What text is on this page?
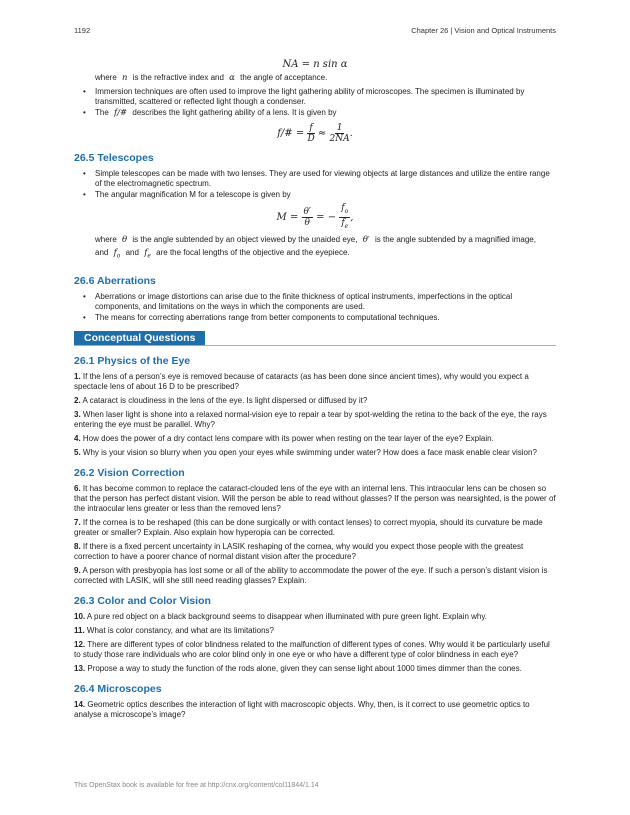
1192	Chapter 26 | Vision and Optical Instruments
NA = n sin α
where n is the refractive index and α the angle of acceptance.
• Immersion techniques are often used to improve the light gathering ability of microscopes. The specimen is illuminated by transmitted, scattered or reflected light though a condenser.
• The f/# describes the light gathering ability of a lens. It is given by
f/# = $\frac{f}{D} \approx \frac{1}{2NA}$ .
26.5 Telescopes
• Simple telescopes can be made with two lenses. They are used for viewing objects at large distances and utilize the entire range of the electromagnetic spectrum.
• The angular magnification M for a telescope is given by
$M = \frac{\theta'}{\theta}$ = − $\frac{f_o}{f_e}$ ,
where θ is the angle subtended by an object viewed by the unaided eye, θ′ is the angle subtended by a magnified image,
and $f_o$ and $f_e$ are the focal lengths of the objective and the eyepiece.
26.6 Aberrations
• Aberrations or image distortions can arise due to the finite thickness of optical instruments, imperfections in the optical components, and limitations on the ways in which the components are used.
• The means for correcting aberrations range from better components to computational techniques.
Conceptual Questions
26.1 Physics of the Eye
1. If the lens of a person’s eye is removed because of cataracts (as has been done since ancient times), why would you expect a spectacle lens of about 16 D to be prescribed?
2. A cataract is cloudiness in the lens of the eye. Is light dispersed or diffused by it?
3. When laser light is shone into a relaxed normal-vision eye to repair a tear by spot-welding the retina to the back of the eye, the rays entering the eye must be parallel. Why?
4. How does the power of a dry contact lens compare with its power when resting on the tear layer of the eye? Explain.
5. Why is your vision so blurry when you open your eyes while swimming under water? How does a face mask enable clear vision?
26.2 Vision Correction
6. It has become common to replace the cataract-clouded lens of the eye with an internal lens. This intraocular lens can be chosen so that the person has perfect distant vision. Will the person be able to read without glasses? If the person was nearsighted, is the power of the intraocular lens greater or less than the removed lens?
7. If the cornea is to be reshaped (this can be done surgically or with contact lenses) to correct myopia, should its curvature be made greater or smaller? Explain. Also explain how hyperopia can be corrected.
8. If there is a fixed percent uncertainty in LASIK reshaping of the cornea, why would you expect those people with the greatest correction to have a poorer chance of normal distant vision after the procedure?
9. A person with presbyopia has lost some or all of the ability to accommodate the power of the eye. If such a person’s distant vision is corrected with LASIK, will she still need reading glasses? Explain.
26.3 Color and Color Vision
10. A pure red object on a black background seems to disappear when illuminated with pure green light. Explain why.
11. What is color constancy, and what are its limitations?
12. There are different types of color blindness related to the malfunction of different types of cones. Why would it be particularly useful to study those rare individuals who are color blind only in one eye or who have a different type of color blindness in each eye?
13. Propose a way to study the function of the rods alone, given they can sense light about 1000 times dimmer than the cones.
26.4 Microscopes
14. Geometric optics describes the interaction of light with macroscopic objects. Why, then, is it correct to use geometric optics to analyse a microscope’s image?
This OpenStax book is available for free at http://cnx.org/content/col11844/1.14
